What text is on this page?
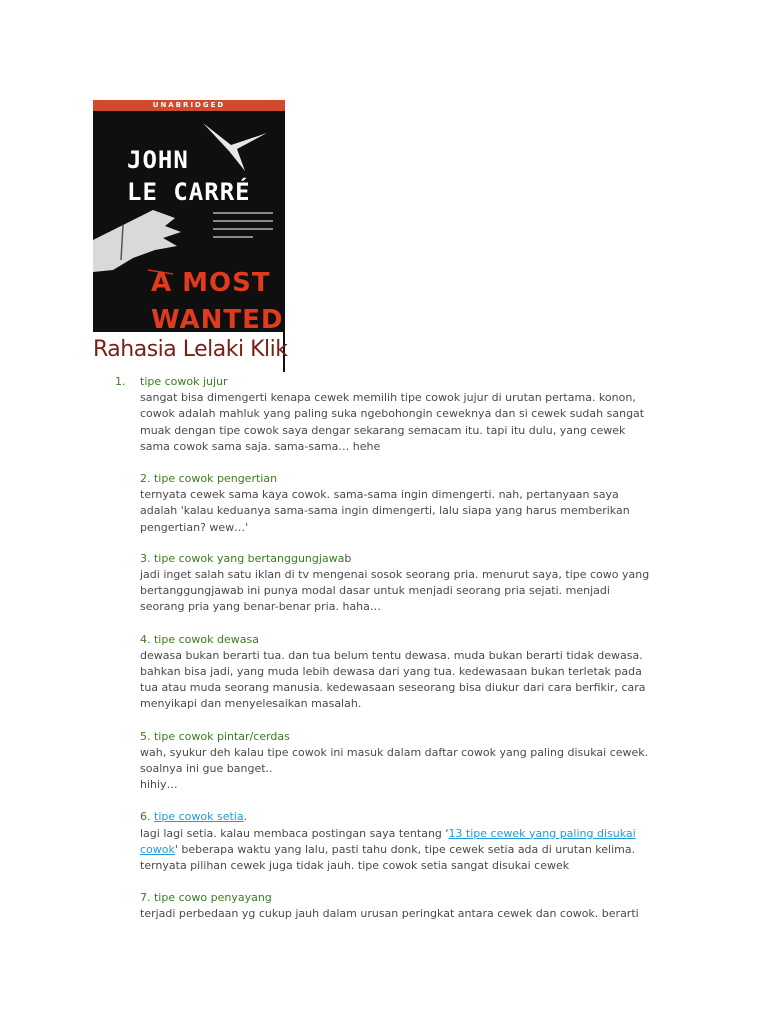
UNABRIDGED
JOHN
LE CARRÉ
A MOST
WANTED
Rahasia Lelaki Klik
1. tipe cowok jujur
sangat bisa dimengerti kenapa cewek memilih tipe cowok jujur di urutan pertama. konon,
cowok adalah mahluk yang paling suka ngebohongin ceweknya dan si cewek sudah sangat
muak dengan tipe cowok saya dengar sekarang semacam itu. tapi itu dulu, yang cewek
sama cowok sama saja. sama-sama… hehe
2. tipe cowok pengertian
ternyata cewek sama kaya cowok. sama-sama ingin dimengerti. nah, pertanyaan saya
adalah 'kalau keduanya sama-sama ingin dimengerti, lalu siapa yang harus memberikan
pengertian? wew…'
3. tipe cowok yang bertanggungjawab
jadi inget salah satu iklan di tv mengenai sosok seorang pria. menurut saya, tipe cowo yang
bertanggungjawab ini punya modal dasar untuk menjadi seorang pria sejati. menjadi
seorang pria yang benar-benar pria. haha…
4. tipe cowok dewasa
dewasa bukan berarti tua. dan tua belum tentu dewasa. muda bukan berarti tidak dewasa.
bahkan bisa jadi, yang muda lebih dewasa dari yang tua. kedewasaan bukan terletak pada
tua atau muda seorang manusia. kedewasaan seseorang bisa diukur dari cara berfikir, cara
menyikapi dan menyelesaikan masalah.
5. tipe cowok pintar/cerdas
wah, syukur deh kalau tipe cowok ini masuk dalam daftar cowok yang paling disukai cewek.
soalnya ini gue banget..
hihiy…
6. tipe cowok setia.
lagi lagi setia. kalau membaca postingan saya tentang '13 tipe cewek yang paling disukai
cowok' beberapa waktu yang lalu, pasti tahu donk, tipe cewek setia ada di urutan kelima.
ternyata pilihan cewek juga tidak jauh. tipe cowok setia sangat disukai cewek
7. tipe cowo penyayang
terjadi perbedaan yg cukup jauh dalam urusan peringkat antara cewek dan cowok. berarti
